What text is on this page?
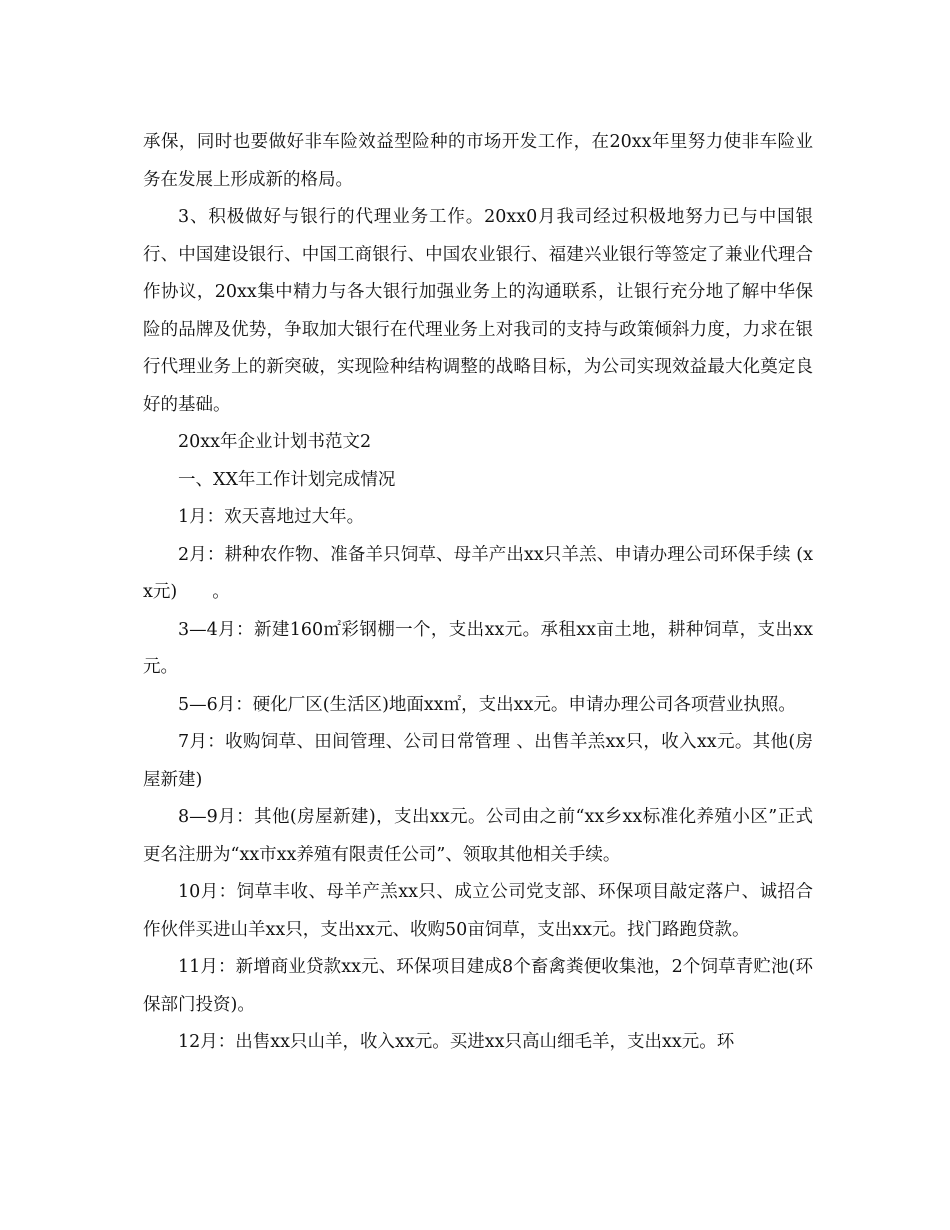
承保，同时也要做好非车险效益型险种的市场开发工作，在20xx年里努力使非车险业务在发展上形成新的格局。

3、积极做好与银行的代理业务工作。20xx0月我司经过积极地努力已与中国银行、中国建设银行、中国工商银行、中国农业银行、福建兴业银行等签定了兼业代理合作协议，20xx集中精力与各大银行加强业务上的沟通联系，让银行充分地了解中华保险的品牌及优势，争取加大银行在代理业务上对我司的支持与政策倾斜力度，力求在银行代理业务上的新突破，实现险种结构调整的战略目标，为公司实现效益最大化奠定良好的基础。

20xx年企业计划书范文2

一、XX年工作计划完成情况

1月：欢天喜地过大年。

2月：耕种农作物、准备羊只饲草、母羊产出xx只羊羔、申请办理公司环保手续 (xx元)　　。

3—4月：新建160㎡彩钢棚一个，支出xx元。承租xx亩土地，耕种饲草，支出xx元。

5—6月：硬化厂区(生活区)地面xx㎡，支出xx元。申请办理公司各项营业执照。

7月：收购饲草、田间管理、公司日常管理 、出售羊羔xx只，收入xx元。其他(房屋新建)

8—9月：其他(房屋新建)，支出xx元。公司由之前“xx乡xx标准化养殖小区”正式更名注册为“xx市xx养殖有限责任公司”、领取其他相关手续。

10月：饲草丰收、母羊产羔xx只、成立公司党支部、环保项目敲定落户、诚招合作伙伴买进山羊xx只，支出xx元、收购50亩饲草，支出xx元。找门路跑贷款。

11月：新增商业贷款xx元、环保项目建成8个畜禽粪便收集池，2个饲草青贮池(环保部门投资)。

12月：出售xx只山羊，收入xx元。买进xx只高山细毛羊，支出xx元。环
